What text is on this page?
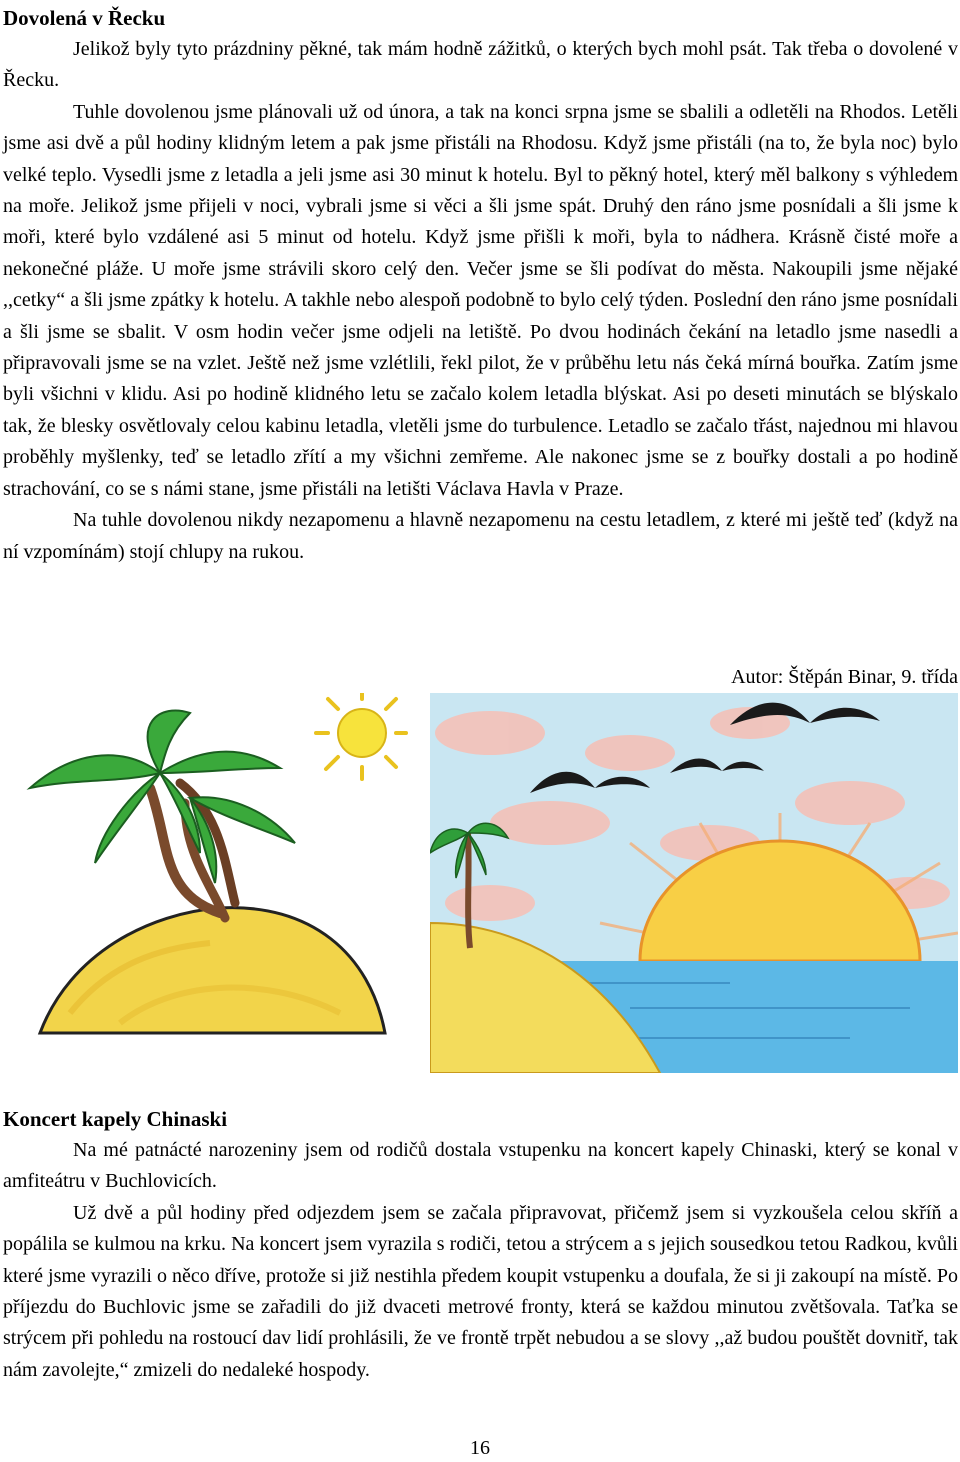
Dovolená v Řecku

Jelikož byly tyto prázdniny pěkné, tak mám hodně zážitků, o kterých bych mohl psát. Tak třeba o dovolené v Řecku.

Tuhle dovolenou jsme plánovali už od února, a tak na konci srpna jsme se sbalili a odletěli na Rhodos. Letěli jsme asi dvě a půl hodiny klidným letem a pak jsme přistáli na Rhodosu. Když jsme přistáli (na to, že byla noc) bylo velké teplo. Vysedli jsme z letadla a jeli jsme asi 30 minut k hotelu. Byl to pěkný hotel, který měl balkony s výhledem na moře. Jelikož jsme přijeli v noci, vybrali jsme si věci a šli jsme spát. Druhý den ráno jsme posnídali a šli jsme k moři, které bylo vzdálené asi 5 minut od hotelu. Když jsme přišli k moři, byla to nádhera. Krásně čisté moře a nekonečné pláže. U moře jsme strávili skoro celý den. Večer jsme se šli podívat do města. Nakoupili jsme nějaké ,,cetky“ a šli jsme zpátky k hotelu. A takhle nebo alespoň podobně to bylo celý týden. Poslední den ráno jsme posnídali a šli jsme se sbalit. V osm hodin večer jsme odjeli na letiště. Po dvou hodinách čekání na letadlo jsme nasedli a připravovali jsme se na vzlet. Ještě než jsme vzlétlili, řekl pilot, že v průběhu letu nás čeká mírná bouřka. Zatím jsme byli všichni v klidu. Asi po hodině klidného letu se začalo kolem letadla blýskat. Asi po deseti minutách se blýskalo tak, že blesky osvětlovaly celou kabinu letadla, vletěli jsme do turbulence. Letadlo se začalo třást, najednou mi hlavou proběhly myšlenky, teď se letadlo zřítí a my všichni zemřeme. Ale nakonec jsme se z bouřky dostali a po hodině strachování, co se s námi stane, jsme přistáli na letišti Václava Havla v Praze.

Na tuhle dovolenou nikdy nezapomenu a hlavně nezapomenu na cestu letadlem, z které mi ještě teď (když na ní vzpomínám) stojí chlupy na rukou.

Autor: Štěpán Binar, 9. třída
Koncert kapely Chinaski

Na mé patnácté narozeniny jsem od rodičů dostala vstupenku na koncert kapely Chinaski, který se konal v amfiteátru v Buchlovicích.

Už dvě a půl hodiny před odjezdem jsem se začala připravovat, přičemž jsem si vyzkoušela celou skříň a popálila se kulmou na krku. Na koncert jsem vyrazila s rodiči, tetou a strýcem a s jejich sousedkou tetou Radkou, kvůli které jsme vyrazili o něco dříve, protože si již nestihla předem koupit vstupenku a doufala, že si ji zakoupí na místě. Po příjezdu do Buchlovic jsme se zařadili do již dvaceti metrové fronty, která se každou minutou zvětšovala. Taťka se strýcem při pohledu na rostoucí dav lidí prohlásili, že ve frontě trpět nebudou a se slovy ,,až budou pouštět dovnitř, tak nám zavolejte,“ zmizeli do nedaleké hospody.

16
